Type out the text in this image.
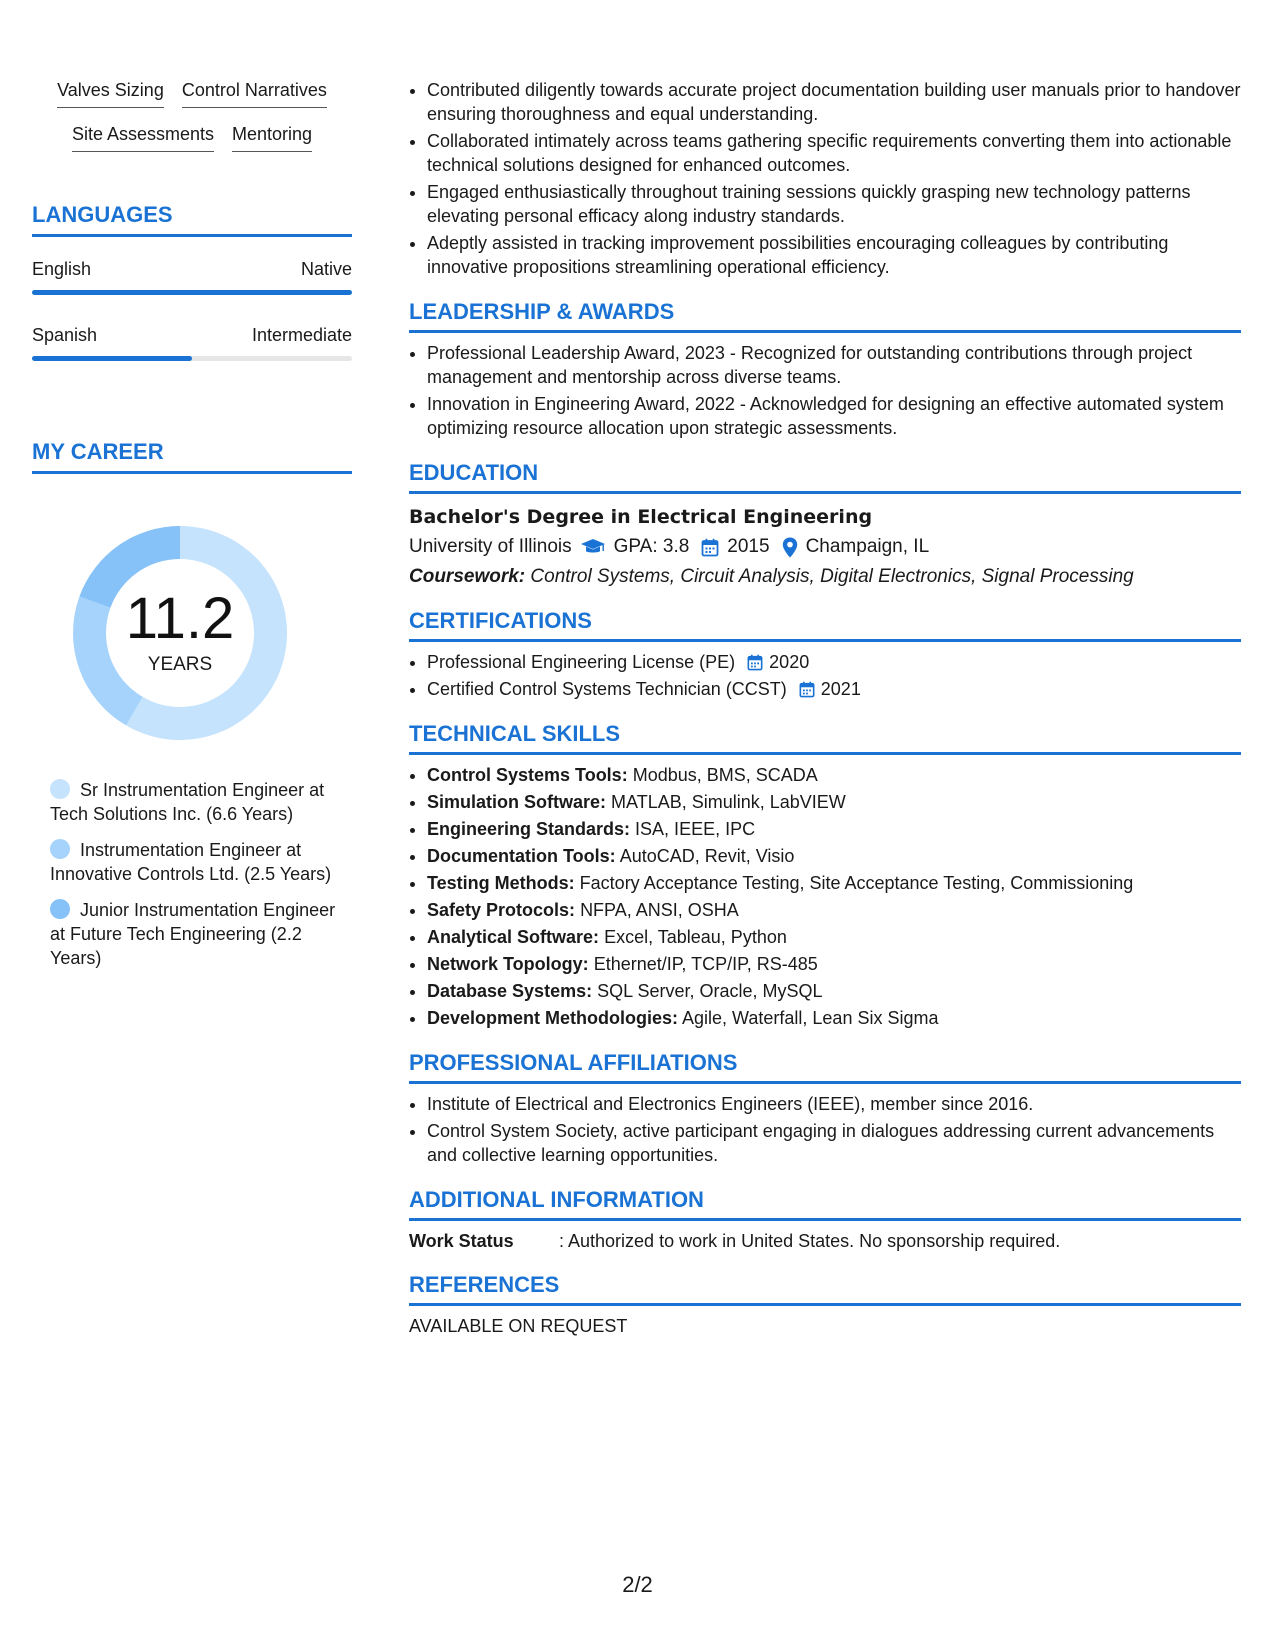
Valves Sizing Control Narratives
Site Assessments Mentoring
LANGUAGES
English	Native
Spanish	Intermediate
MY CAREER
11.2
YEARS
Sr Instrumentation Engineer at Tech Solutions Inc. (6.6 Years)
Instrumentation Engineer at Innovative Controls Ltd. (2.5 Years)
Junior Instrumentation Engineer at Future Tech Engineering (2.2 Years)
• Contributed diligently towards accurate project documentation building user manuals prior to handover ensuring thoroughness and equal understanding.
• Collaborated intimately across teams gathering specific requirements converting them into actionable technical solutions designed for enhanced outcomes.
• Engaged enthusiastically throughout training sessions quickly grasping new technology patterns elevating personal efficacy along industry standards.
• Adeptly assisted in tracking improvement possibilities encouraging colleagues by contributing innovative propositions streamlining operational efficiency.
LEADERSHIP & AWARDS
• Professional Leadership Award, 2023 - Recognized for outstanding contributions through project management and mentorship across diverse teams.
• Innovation in Engineering Award, 2022 - Acknowledged for designing an effective automated system optimizing resource allocation upon strategic assessments.
EDUCATION
Bachelor's Degree in Electrical Engineering
University of Illinois GPA: 3.8 2015 Champaign, IL
Coursework: Control Systems, Circuit Analysis, Digital Electronics, Signal Processing
CERTIFICATIONS
• Professional Engineering License (PE) 2020
• Certified Control Systems Technician (CCST) 2021
TECHNICAL SKILLS
• Control Systems Tools: Modbus, BMS, SCADA
• Simulation Software: MATLAB, Simulink, LabVIEW
• Engineering Standards: ISA, IEEE, IPC
• Documentation Tools: AutoCAD, Revit, Visio
• Testing Methods: Factory Acceptance Testing, Site Acceptance Testing, Commissioning
• Safety Protocols: NFPA, ANSI, OSHA
• Analytical Software: Excel, Tableau, Python
• Network Topology: Ethernet/IP, TCP/IP, RS-485
• Database Systems: SQL Server, Oracle, MySQL
• Development Methodologies: Agile, Waterfall, Lean Six Sigma
PROFESSIONAL AFFILIATIONS
• Institute of Electrical and Electronics Engineers (IEEE), member since 2016.
• Control System Society, active participant engaging in dialogues addressing current advancements and collective learning opportunities.
ADDITIONAL INFORMATION
Work Status	: Authorized to work in United States. No sponsorship required.
REFERENCES
AVAILABLE ON REQUEST
2/2
